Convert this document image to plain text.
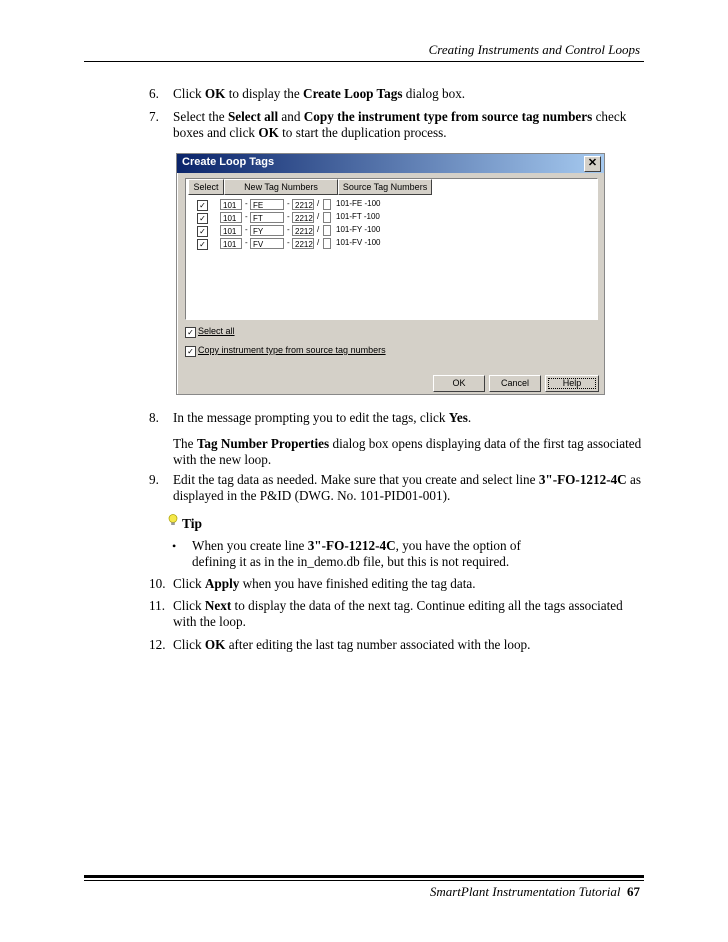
Creating Instruments and Control Loops
6. Click OK to display the Create Loop Tags dialog box.
7. Select the Select all and Copy the instrument type from source tag numbers check boxes and click OK to start the duplication process.
Create Loop Tags	✕
Select	New Tag Numbers	Source Tag Numbers
✓	101	- FE	- 2212 / 101-FE -100
✓	101	- FT	- 2212 / 101-FT -100
✓	101	- FY	- 2212 / 101-FY -100
✓	101	- FV	- 2212 / 101-FV -100
✓ Select all
✓ Copy instrument type from source tag numbers
OK	Cancel	Help
8. In the message prompting you to edit the tags, click Yes.
The Tag Number Properties dialog box opens displaying data of the first tag associated with the new loop.
9. Edit the tag data as needed. Make sure that you create and select line 3"-FO-1212-4C as displayed in the P&ID (DWG. No. 101-PID01-001).
Tip
• When you create line 3"-FO-1212-4C, you have the option of defining it as in the in_demo.db file, but this is not required.
10. Click Apply when you have finished editing the tag data.
11. Click Next to display the data of the next tag. Continue editing all the tags associated with the loop.
12. Click OK after editing the last tag number associated with the loop.
SmartPlant Instrumentation Tutorial 67
